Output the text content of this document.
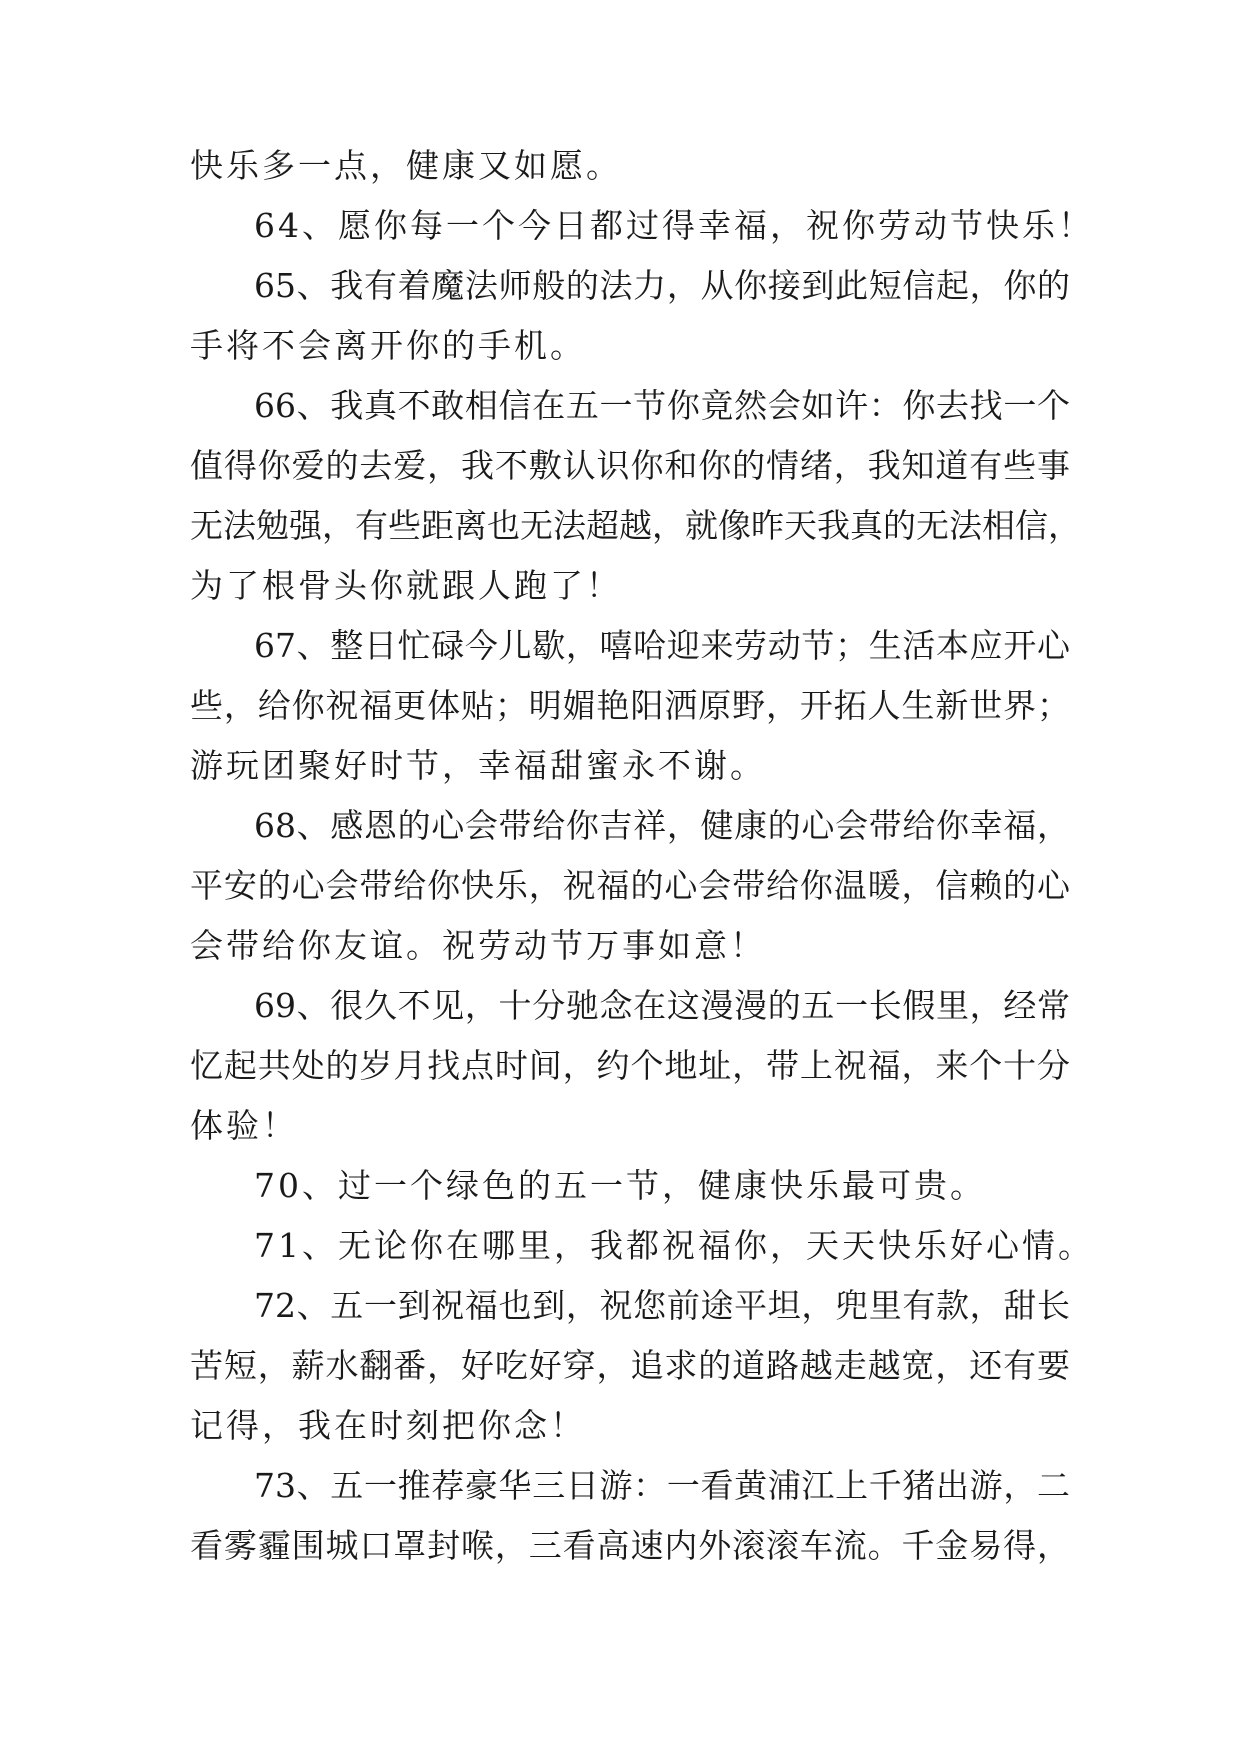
快乐多一点，健康又如愿。
64、愿你每一个今日都过得幸福，祝你劳动节快乐！
65、我有着魔法师般的法力，从你接到此短信起，你的
手将不会离开你的手机。
66、我真不敢相信在五一节你竟然会如许：你去找一个
值得你爱的去爱，我不敷认识你和你的情绪，我知道有些事
无法勉强，有些距离也无法超越，就像昨天我真的无法相信，
为了根骨头你就跟人跑了！
67、整日忙碌今儿歇，嘻哈迎来劳动节；生活本应开心
些，给你祝福更体贴；明媚艳阳洒原野，开拓人生新世界；
游玩团聚好时节，幸福甜蜜永不谢。
68、感恩的心会带给你吉祥，健康的心会带给你幸福，
平安的心会带给你快乐，祝福的心会带给你温暖，信赖的心
会带给你友谊。祝劳动节万事如意！
69、很久不见，十分驰念在这漫漫的五一长假里，经常
忆起共处的岁月找点时间，约个地址，带上祝福，来个十分
体验！
70、过一个绿色的五一节，健康快乐最可贵。
71、无论你在哪里，我都祝福你，天天快乐好心情。
72、五一到祝福也到，祝您前途平坦，兜里有款，甜长
苦短，薪水翻番，好吃好穿，追求的道路越走越宽，还有要
记得，我在时刻把你念！
73、五一推荐豪华三日游：一看黄浦江上千猪出游，二
看雾霾围城口罩封喉，三看高速内外滚滚车流。千金易得，
